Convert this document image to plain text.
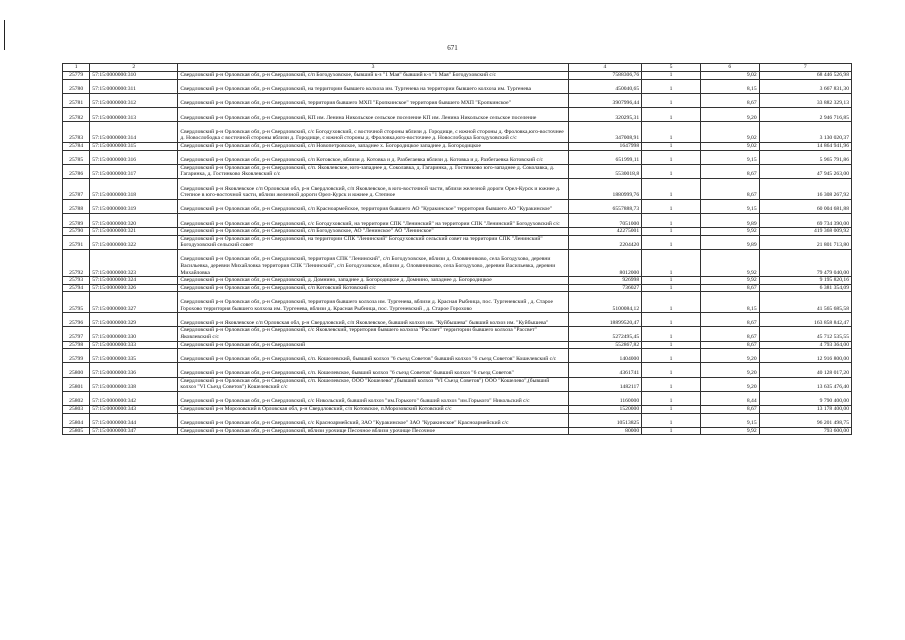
671
1	2	3	4	5	6	7
25779	57:15:0000000:310	Свердловский р-н Орловская обл, р-н Свердловский, с/п Богодуховское, бывший к-з "1 Мая" бывший к-з "1 Мая" Богодуховский с/с	7588306,76	1	9,02	68 446 526,98
25780	57:15:0000000:311	Свердловский р-н Орловская обл, р-н Свердловский, на территории бывшего колхоза им. Тургенева на территории бывшего колхоза им. Тургенева	450040,65	1	8,15	3 667 831,30
25781	57:15:0000000:312	Свердловский р-н Орловская обл, р-н Свердловский, территория бывшего МХП "Еропкинское" территория бывшего МХП "Еропкинское"	3907996,44	1	8,67	33 882 329,13
25782	57:15:0000000:313	Свердловский р-н Орловская обл, р-н Свердловский, КП им. Ленина Никольское сельское поселение КП им. Ленина Никольское сельское поселение	320295,31	1	9,20	2 946 716,85
25783	57:15:0000000:314	Свердловский р-н Орловская обл, р-н Свердловский, с/с Богодуховский, с восточной стороны вблизи д. Городище, с южной стороны д. Фроловка,юго-восточнее д. Новослободка с восточной стороны вблизи д. Городище, с южной стороны д. Фроловка,юго-восточнее д. Новослободка Богодуховский с/с	347008,91	1	9,02	3 130 020,37
25784	57:15:0000000:315	Свердловский р-н Орловская обл, р-н Свердловский, с/п Новопетровское, западнее х. Богородицкое западнее д. Богородицкое	1647998	1	9,02	14 864 941,96
25785	57:15:0000000:316	Свердловский р-н Орловская обл, р-н Свердловский, с/п Котовское, вблизи д. Котовка и д. Разбегаевка вблизи д. Котовка и д. Разбегаевка Котовский с/с	651999,11	1	9,15	5 965 791,86
25786	57:15:0000000:317	Свердловский р-н Орловская обл, р-н Свердловский, с/п. Яковлевское, юго-западнее д. Соколавка, д. Гагаринка, д. Гостинково юго-западнее д. Соколавка, д. Гагаринка, д. Гостинково Яковлевский с/с	5530018,8	1	8,67	47 945 263,00
25787	57:15:0000000:318	Свердловский р-н Яковлевское с/п Орловская обл, р-н Свердловский, с/п Яковлевское, в юго-восточной части, вблизи железной дороги Орел-Курск и южнее д. Степное в юго-восточной части, вблизи железной дороги Орел-Курск и южнее д. Степное	1880999,76	1	8,67	16 308 267,92
25788	57:15:0000000:319	Свердловский р-н Орловская обл, р-н Свердловский, с/п Красноармейское, территория бывшего АО "Куракинское" территория бывшего АО "Куракинское"	6557888,73	1	9,15	60 004 681,88
25789	57:15:0000000:320	Свердловский р-н Орловская обл, р-н Свердловский, с/с Богодуховский, на территории СПК "Ленинский" на территории СПК "Ленинский" Богодуховский с/с	7051000	1	9,89	69 734 390,00
25790	57:15:0000000:321	Свердловский р-н Орловская обл, р-н Свердловский, с/п Богодуховское, АО "Ленинское" АО "Ленинское"	42275001	1	9,92	419 368 009,92
25791	57:15:0000000:322	Свердловский р-н Орловская обл, р-н Свердловский, на территории СПК "Ленинский" Богодуховский сельский совет на территории СПК "Ленинский" Богодуховский сельский совет	2204420	1	9,89	21 801 713,80
25792	57:15:0000000:323	Свердловский р-н Орловская обл, р-н Свердловский, территория СПК "Ленинский", с/п Богодуховское, вблизи д. Оловянниково, села Богодухово, деревни Васильевка, деревни Михайловка территория СПК "Ленинский", с/п Богодуховское, вблизи д. Оловянниково, села Богодухово, деревни Васильевка, деревни Михайловка	8012000	1	9,92	79 479 040,00
25793	57:15:0000000:324	Свердловский р-н Орловская обл, р-н Свердловский, д. Домнино, западнее д. Богородицкое д. Домнино, западнее д. Богородицкое	926998	1	9,92	9 195 820,16
25794	57:15:0000000:326	Свердловский р-н Орловская обл, р-н Свердловский, с/п Котовский Котовский с/с	736027	1	8,67	6 381 354,09
25795	57:15:0000000:327	Свердловский р-н Орловская обл, р-н Свердловский, территория бывшего колхоза им. Тургенева, вблизи д. Красная Рыбница, пос. Тургеневский , д. Старое Горохово территория бывшего колхоза им. Тургенева, вблизи д. Красная Рыбница, пос. Тургеневский , д. Старое Горохово	5100084,12	1	8,15	41 565 685,58
25796	57:15:0000000:329	Свердловский р-н Яковлевское с/п Орловская обл, р-н Свердловский, с/п Яковлевское, бывший колхоз им. "Куйбышева" бывший колхоз им. "Куйбышева"	18899520,47	1	8,67	163 858 842,47
25797	57:15:0000000:330	Свердловский р-н Орловская обл, р-н Свердловский, с/с Яковлевский, территория бывшего колхоза "Рассвет" территории бывшего колхоза "Рассвет" Яковлевский с/с	5272495,45	1	8,67	45 712 535,55
25798	57:15:0000000:333	Свердловский р-н Орловская обл, р-н Свердловский	552867,82	1	8,67	4 793 364,00
25799	57:15:0000000:335	Свердловский р-н Орловская обл, р-н Свердловский, с/п. Кошелевский, бывший колхоз "6 съезд Советов" бывший колхоз "6 съезд Советов" Кошелевский с/с	1404000	1	9,20	12 916 800,00
25800	57:15:0000000:336	Свердловский р-н Орловская обл, р-н Свердловский, с/п. Кошелевское, бывший колхоз "6 съезд Советов" бывший колхоз "6 съезд Советов"	4361741	1	9,20	40 128 017,20
25801	57:15:0000000:338	Свердловский р-н Орловская обл, р-н Свердловский, с/п. Кошелевское, ООО "Кошелево",(бывший колхоз "VI Съезд Советов") ООО "Кошелево",(бывший колхоз "VI Съезд Советов") Кошелевский с/с	1482117	1	9,20	13 635 476,40
25802	57:15:0000000:342	Свердловский р-н Орловская обл, р-н Свердловский, с/с Никольский, бывший колхоз "им.Горького" бывший колхоз "им.Горького" Никольский с/с	1160000	1	8,44	9 790 400,00
25803	57:15:0000000:343	Свердловский р-н Морозовский в Орловская обл, р-н Свердловский, с/п Котовское, п.Морозовский Котовский с/с	1520000	1	8,67	13 178 400,00
25804	57:15:0000000:344	Свердловский р-н Орловская обл, р-н Свердловский, с/с Красноармейский, ЗАО "Куракинское" ЗАО "Куракинское" Красноармейский с/с	10513825	1	9,15	96 201 498,75
25805	57:15:0000000:347	Свердловский р-н Орловская обл, р-н Свердловский, вблизи урочище Песочное вблизи урочище Песочное	80000	1	9,92	793 600,00
